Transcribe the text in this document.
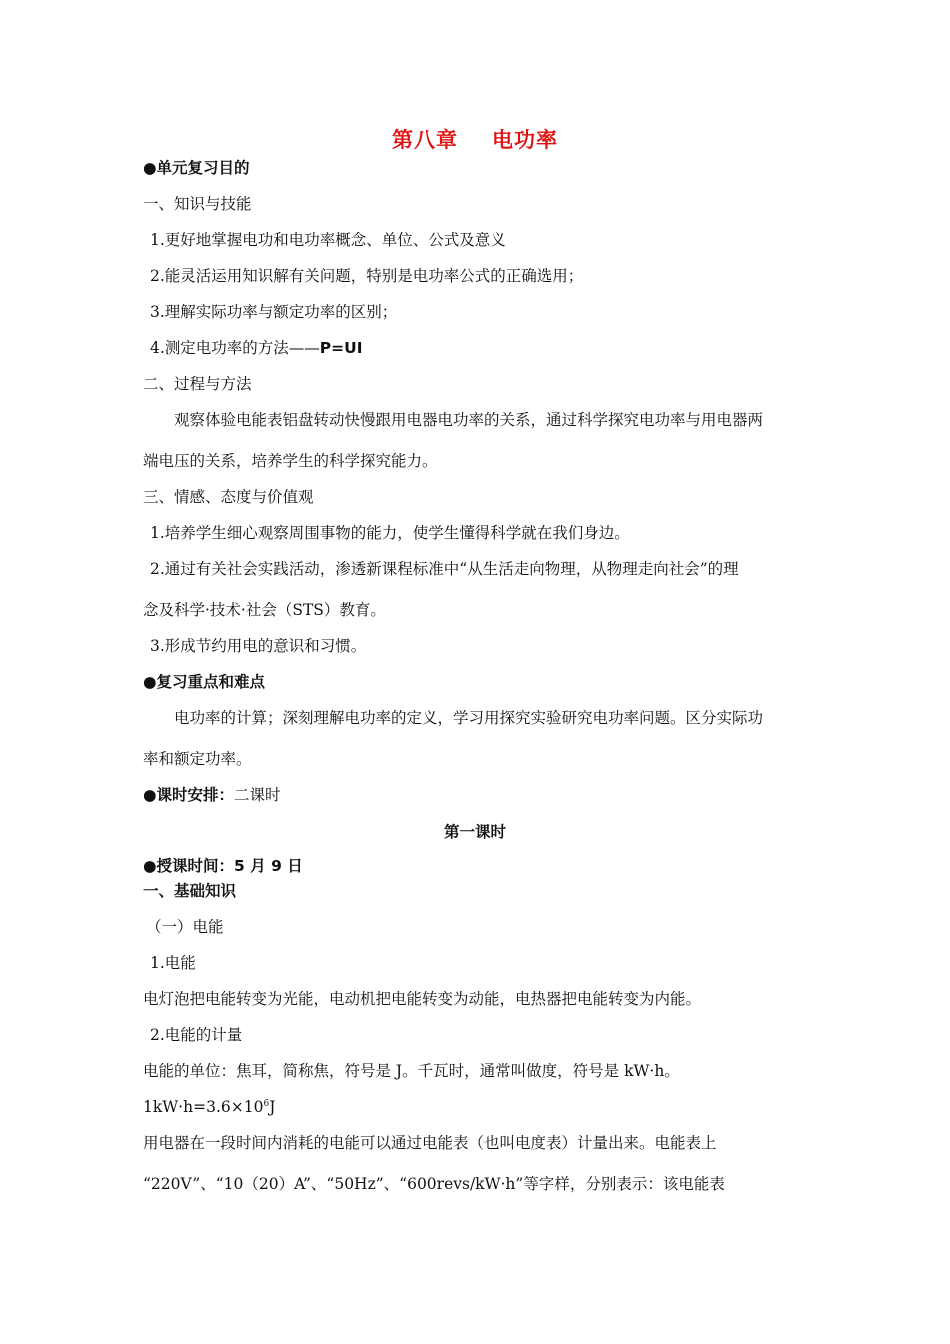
第八章 电功率
●单元复习目的
一、知识与技能
1.更好地掌握电功和电功率概念、单位、公式及意义
2.能灵活运用知识解有关问题，特别是电功率公式的正确选用；
3.理解实际功率与额定功率的区别；
4.测定电功率的方法——P=UI
二、过程与方法
观察体验电能表铝盘转动快慢跟用电器电功率的关系，通过科学探究电功率与用电器两
端电压的关系，培养学生的科学探究能力。
三、情感、态度与价值观
1.培养学生细心观察周围事物的能力，使学生懂得科学就在我们身边。
2.通过有关社会实践活动，渗透新课程标准中“从生活走向物理，从物理走向社会”的理
念及科学·技术·社会（STS）教育。
3.形成节约用电的意识和习惯。
●复习重点和难点
电功率的计算；深刻理解电功率的定义，学习用探究实验研究电功率问题。区分实际功
率和额定功率。
●课时安排：二课时
第一课时
●授课时间：5 月 9 日
一、基础知识
（一）电能
1.电能
电灯泡把电能转变为光能，电动机把电能转变为动能，电热器把电能转变为内能。
2.电能的计量
电能的单位：焦耳，简称焦，符号是 J。千瓦时，通常叫做度，符号是 kW·h。
$1kW\cdot h=3.6\times 10^6J$
用电器在一段时间内消耗的电能可以通过电能表（也叫电度表）计量出来。电能表上
“220V”、“10（20）A”、“50Hz”、“600revs/kW·h”等字样，分别表示：该电能表
